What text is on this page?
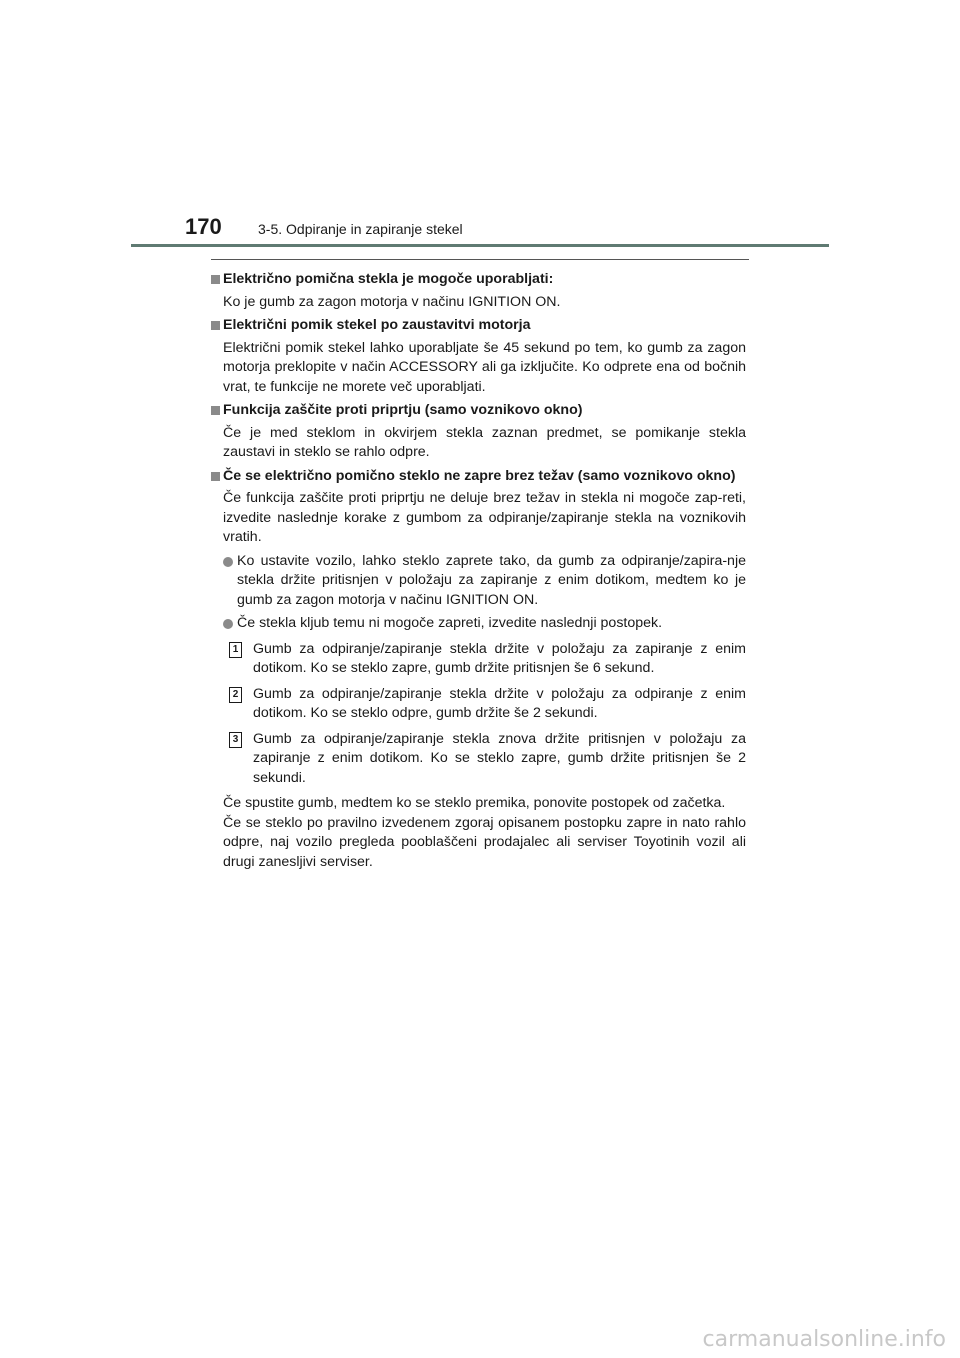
170	3-5. Odpiranje in zapiranje stekel
Električno pomična stekla je mogoče uporabljati:
Ko je gumb za zagon motorja v načinu IGNITION ON.
Električni pomik stekel po zaustavitvi motorja
Električni pomik stekel lahko uporabljate še 45 sekund po tem, ko gumb za zagon motorja preklopite v način ACCESSORY ali ga izključite. Ko odprete ena od bočnih vrat, te funkcije ne morete več uporabljati.
Funkcija zaščite proti priprtju (samo voznikovo okno)
Če je med steklom in okvirjem stekla zaznan predmet, se pomikanje stekla zaustavi in steklo se rahlo odpre.
Če se električno pomično steklo ne zapre brez težav (samo voznikovo okno)
Če funkcija zaščite proti priprtju ne deluje brez težav in stekla ni mogoče zap-reti, izvedite naslednje korake z gumbom za odpiranje/zapiranje stekla na voznikovih vratih.
Ko ustavite vozilo, lahko steklo zaprete tako, da gumb za odpiranje/zapira-nje stekla držite pritisnjen v položaju za zapiranje z enim dotikom, medtem ko je gumb za zagon motorja v načinu IGNITION ON.
Če stekla kljub temu ni mogoče zapreti, izvedite naslednji postopek.
1 Gumb za odpiranje/zapiranje stekla držite v položaju za zapiranje z enim dotikom. Ko se steklo zapre, gumb držite pritisnjen še 6 sekund.
2 Gumb za odpiranje/zapiranje stekla držite v položaju za odpiranje z enim dotikom. Ko se steklo odpre, gumb držite še 2 sekundi.
3 Gumb za odpiranje/zapiranje stekla znova držite pritisnjen v položaju za zapiranje z enim dotikom. Ko se steklo zapre, gumb držite pritisnjen še 2 sekundi.
Če spustite gumb, medtem ko se steklo premika, ponovite postopek od začetka.
Če se steklo po pravilno izvedenem zgoraj opisanem postopku zapre in nato rahlo odpre, naj vozilo pregleda pooblaščeni prodajalec ali serviser Toyotinih vozil ali drugi zanesljivi serviser.
carmanualsonline.info
